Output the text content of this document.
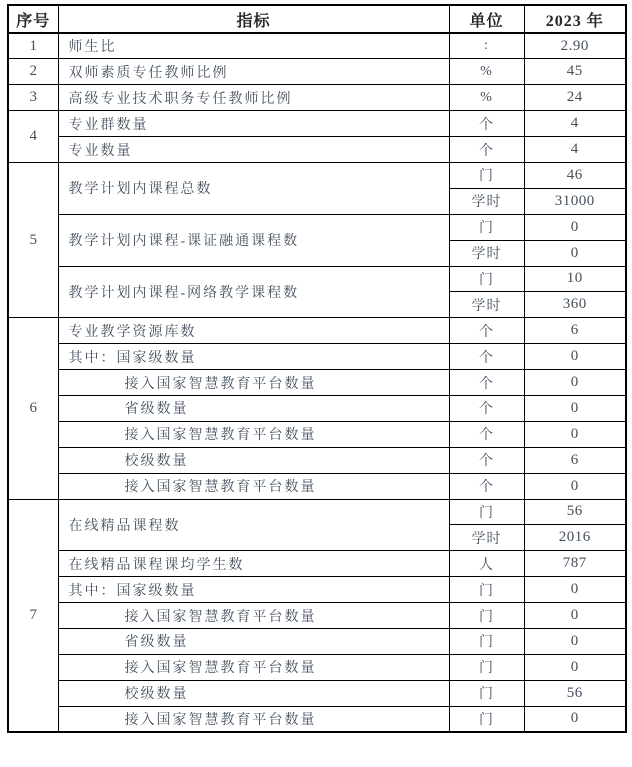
序号	指标	单位	2023 年
1	师生比	:	2.90
2	双师素质专任教师比例	%	45
3	高级专业技术职务专任教师比例	%	24
4	专业群数量	个	4
	专业数量	个	4
5	教学计划内课程总数	门	46
		学时	31000
	教学计划内课程-课证融通课程数	门	0
		学时	0
	教学计划内课程-网络教学课程数	门	10
		学时	360
6	专业教学资源库数	个	6
	其中：国家级数量	个	0
	接入国家智慧教育平台数量	个	0
	省级数量	个	0
	接入国家智慧教育平台数量	个	0
	校级数量	个	6
	接入国家智慧教育平台数量	个	0
7	在线精品课程数	门	56
		学时	2016
	在线精品课程课均学生数	人	787
	其中：国家级数量	门	0
	接入国家智慧教育平台数量	门	0
	省级数量	门	0
	接入国家智慧教育平台数量	门	0
	校级数量	门	56
	接入国家智慧教育平台数量	门	0
